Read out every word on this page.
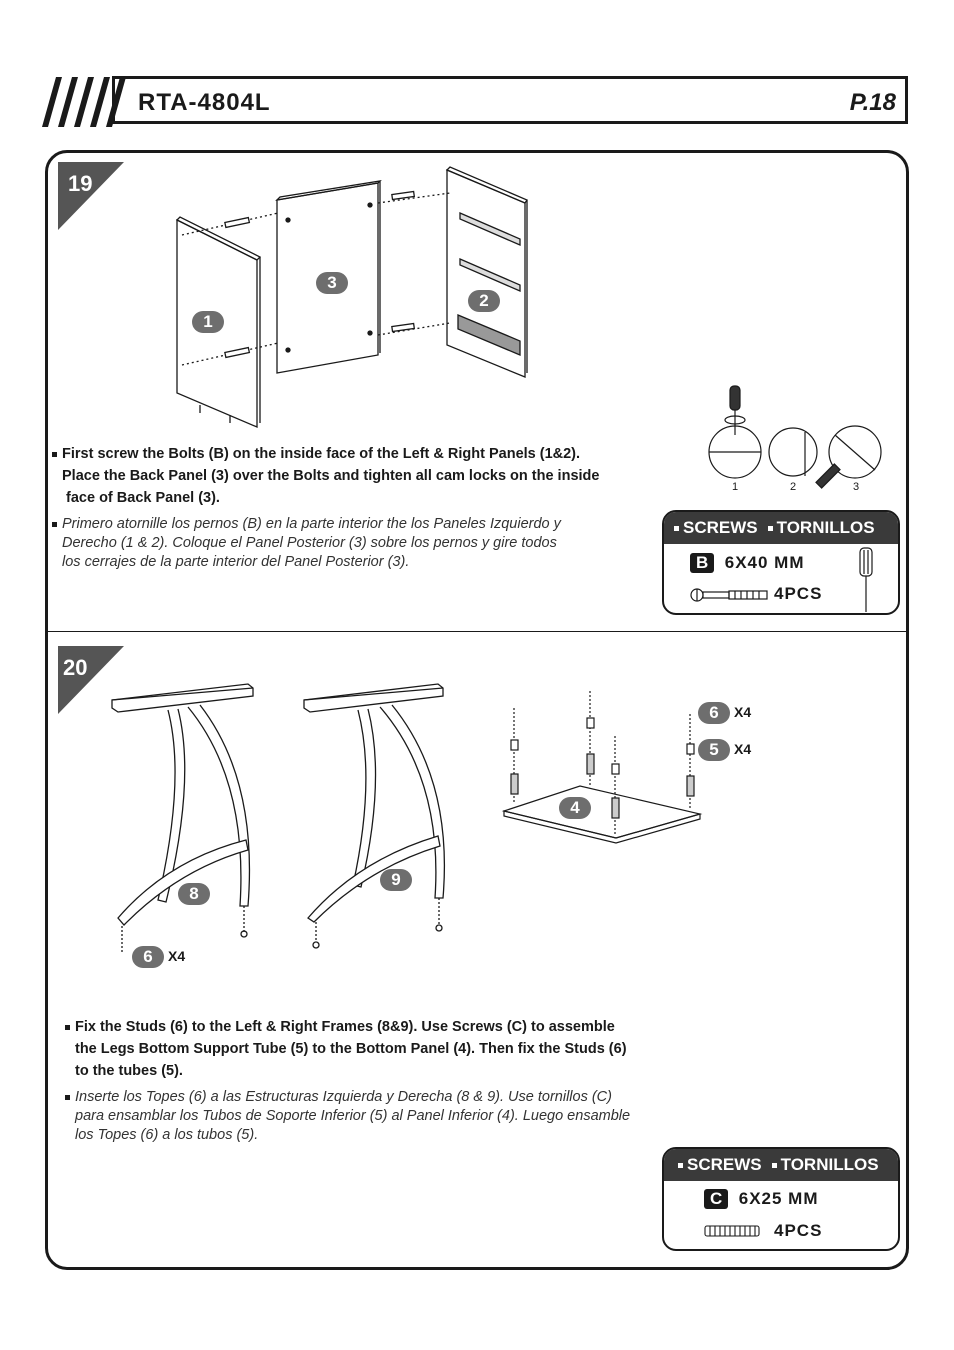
RTA-4804L	P.18
19
1
3
2
1	2	3
First screw the Bolts (B) on the inside face of the Left & Right Panels (1&2).
Place the Back Panel (3) over the Bolts and tighten all cam locks on the inside
face of Back Panel (3).
Primero atornille los pernos (B) en la parte interior the los Paneles Izquierdo y
Derecho (1 & 2). Coloque el Panel Posterior (3) sobre los pernos y gire todos
los cerrajes de la parte interior del Panel Posterior (3).
SCREWS	TORNILLOS
B 6X40 MM
4PCS
20
8
9
6	X4
4
6	X4
5	X4
Fix the Studs (6) to the Left & Right Frames (8&9). Use Screws (C) to assemble
the Legs Bottom Support Tube (5) to the Bottom Panel (4). Then fix the Studs (6)
to the tubes (5).
Inserte los Topes (6) a las Estructuras Izquierda y Derecha (8 & 9). Use tornillos (C)
para ensamblar los Tubos de Soporte Inferior (5) al Panel Inferior (4). Luego ensamble
los Topes (6) a los tubos (5).
SCREWS	TORNILLOS
C 6X25 MM
4PCS
